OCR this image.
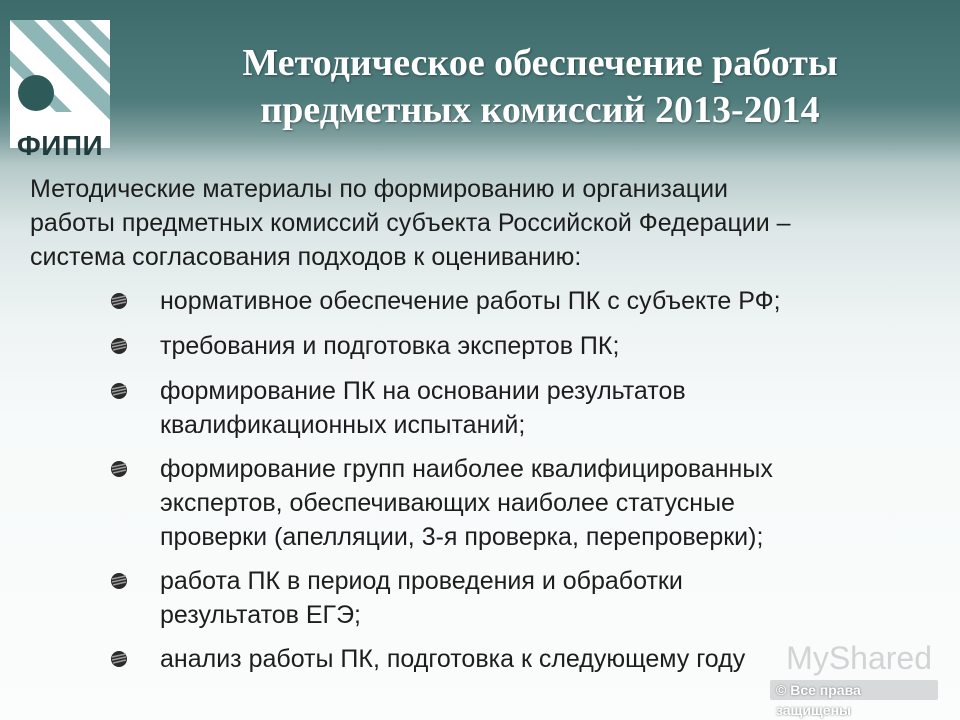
ФИПИ
Методическое обеспечение работы
предметных комиссий 2013-2014
Методические материалы по формированию и организации
работы предметных комиссий субъекта Российской Федерации –
система согласования подходов к оцениванию:
нормативное обеспечение работы ПК с субъекте РФ;
требования и подготовка экспертов ПК;
формирование ПК на основании результатов
квалификационных испытаний;
формирование групп наиболее квалифицированных
экспертов, обеспечивающих наиболее статусные
проверки (апелляции, 3-я проверка, перепроверки);
работа ПК в период проведения и обработки
результатов ЕГЭ;
анализ работы ПК, подготовка к следующему году	MyShared
© Все права защищены
